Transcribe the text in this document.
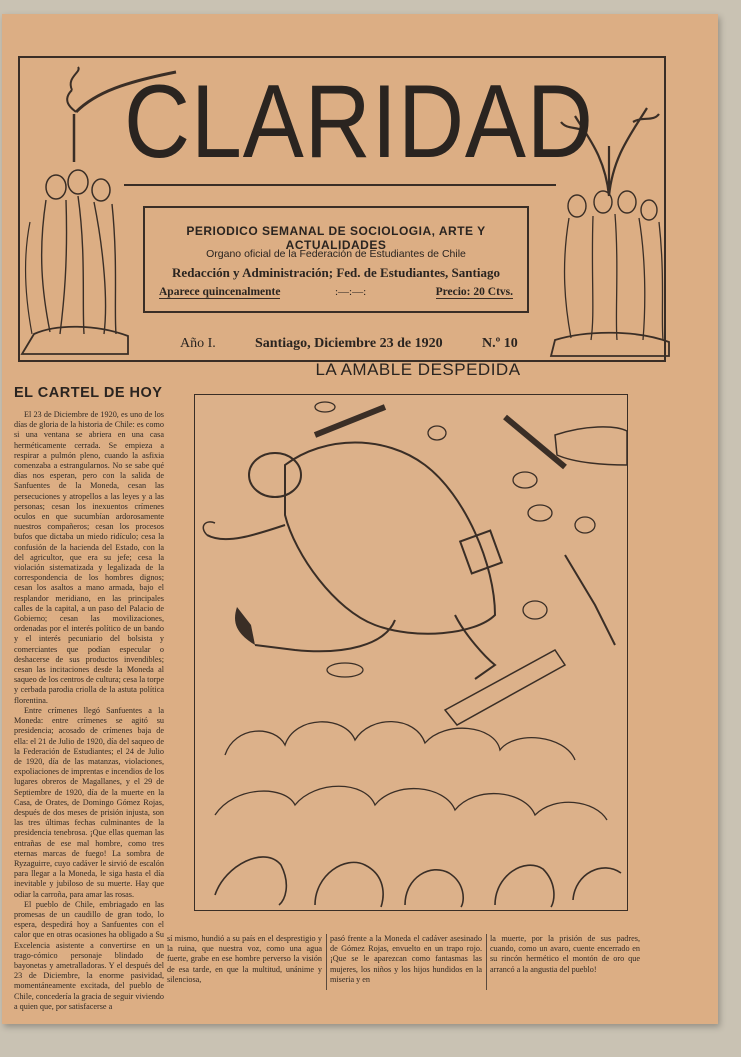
CLARIDAD
PERIODICO SEMANAL DE SOCIOLOGIA, ARTE Y ACTUALIDADES
Organo oficial de la Federación de Estudiantes de Chile
Redacción y Administración; Fed. de Estudiantes, Santiago
Aparece quincenalmente	:—:—:	Precio: 20 Ctvs.
Año I.	Santiago, Diciembre 23 de 1920	N.º 10
LA AMABLE DESPEDIDA
EL CARTEL DE HOY

El 23 de Diciembre de 1920, es uno de los días de gloria de la historia de Chile: es como si una ventana se abriera en una casa herméticamente cerrada. Se empieza a respirar a pulmón pleno, cuando la asfixia comenzaba a estrangularnos. No se sabe qué días nos esperan, pero con la salida de Sanfuentes de la Moneda, cesan las persecuciones y atropellos a las leyes y a las personas; cesan los inexuentos crímenes oculos en que sucumbían ardorosamente nuestros compañeros; cesan los procesos bufos que dictaba un miedo ridículo; cesa la confusión de la hacienda del Estado, con la del agricultor, que era su jefe; cesa la violación sistematizada y legalizada de la correspondencia de los hombres dignos; cesan los asaltos a mano armada, bajo el resplandor meridiano, en las principales calles de la capital, a un paso del Palacio de Gobierno; cesan las movilizaciones, ordenadas por el interés político de un bando y el interés pecuniario del bolsista y comerciantes que podían especular o deshacerse de sus productos invendibles; cesan las incitaciones desde la Moneda al saqueo de los centros de cultura; cesa la torpe y cerbada parodia criolla de la astuta política florentina.

Entre crímenes llegó Sanfuentes a la Moneda: entre crímenes se agitó su presidencia; acosado de crímenes baja de ella: el 21 de Julio de 1920, día del saqueo de la Federación de Estudiantes; el 24 de Julio de 1920, día de las matanzas, violaciones, expoliaciones de imprentas e incendios de los lugares obreros de Magallanes, y el 29 de Septiembre de 1920, día de la muerte en la Casa, de Orates, de Domingo Gómez Rojas, después de dos meses de prisión injusta, son las tres últimas fechas culminantes de la presidencia tenebrosa. ¡Que ellas queman las entrañas de ese mal hombre, como tres eternas marcas de fuego! La sombra de Ryzaguirre, cuyo cadáver le sirvió de escalón para llegar a la Moneda, le siga hasta el día inevitable y jubiloso de su muerte. Hay que odiar la carroña, para amar las rosas.

El pueblo de Chile, embriagado en las promesas de un caudillo de gran todo, lo espera, despedirá hoy a Sanfuentes con el calor que en otras ocasiones ha obligado a Su Excelencia asistente a convertirse en un trago-cómico personaje blindado de bayonetas y ametralladoras. Y el después del 23 de Diciembre, la enorme pasividad, momentáneamente excitada, del pueblo de Chile, concedería la gracia de seguir viviendo a quien que, por satisfacerse a

sí mismo, hundió a su país en el desprestigio y la ruina, que nuestra voz, como una agua fuerte, grabe en ese hombre perverso la visión de esa tarde, en que la multitud, unánime y silenciosa,

pasó frente a la Moneda el cadáver asesinado de Gómez Rojas, envuelto en un trapo rojo. ¡Que se le aparezcan como fantasmas las mujeres, los niños y los hijos hundidos en la miseria y en

la muerte, por la prisión de sus padres, cuando, como un avaro, cuente encerrado en su rincón hermético el montón de oro que arrancó a la angustia del pueblo!
